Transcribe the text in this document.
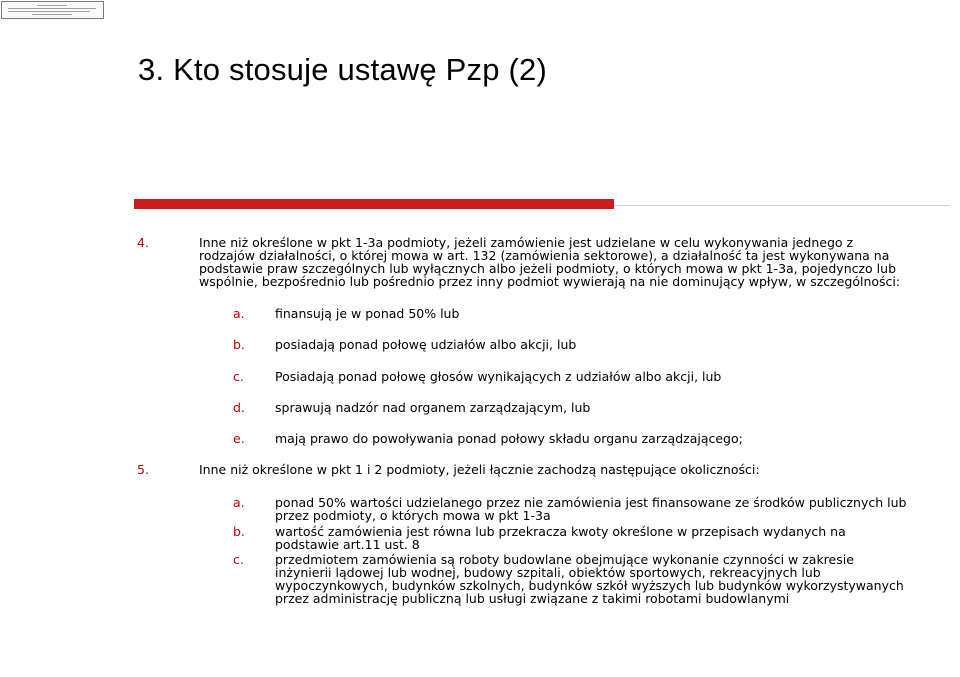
3. Kto stosuje ustawę Pzp (2)
4.	Inne niż określone w pkt 1-3a podmioty, jeżeli zamówienie jest udzielane w celu wykonywania jednego z
rodzajów działalności, o której mowa w art. 132 (zamówienia sektorowe), a działalność ta jest wykonywana na
podstawie praw szczególnych lub wyłącznych albo jeżeli podmioty, o których mowa w pkt 1-3a, pojedynczo lub
wspólnie, bezpośrednio lub pośrednio przez inny podmiot wywierają na nie dominujący wpływ, w szczególności:
a. finansują je w ponad 50% lub
b. posiadają ponad połowę udziałów albo akcji, lub
c. Posiadają ponad połowę głosów wynikających z udziałów albo akcji, lub
d. sprawują nadzór nad organem zarządzającym, lub
e. mają prawo do powoływania ponad połowy składu organu zarządzającego;
5.	Inne niż określone w pkt 1 i 2 podmioty, jeżeli łącznie zachodzą następujące okoliczności:
a. ponad 50% wartości udzielanego przez nie zamówienia jest finansowane ze środków publicznych lub
przez podmioty, o których mowa w pkt 1-3a
b. wartość zamówienia jest równa lub przekracza kwoty określone w przepisach wydanych na
podstawie art.11 ust. 8
c. przedmiotem zamówienia są roboty budowlane obejmujące wykonanie czynności w zakresie
inżynierii lądowej lub wodnej, budowy szpitali, obiektów sportowych, rekreacyjnych lub
wypoczynkowych, budynków szkolnych, budynków szkół wyższych lub budynków wykorzystywanych
przez administrację publiczną lub usługi związane z takimi robotami budowlanymi
